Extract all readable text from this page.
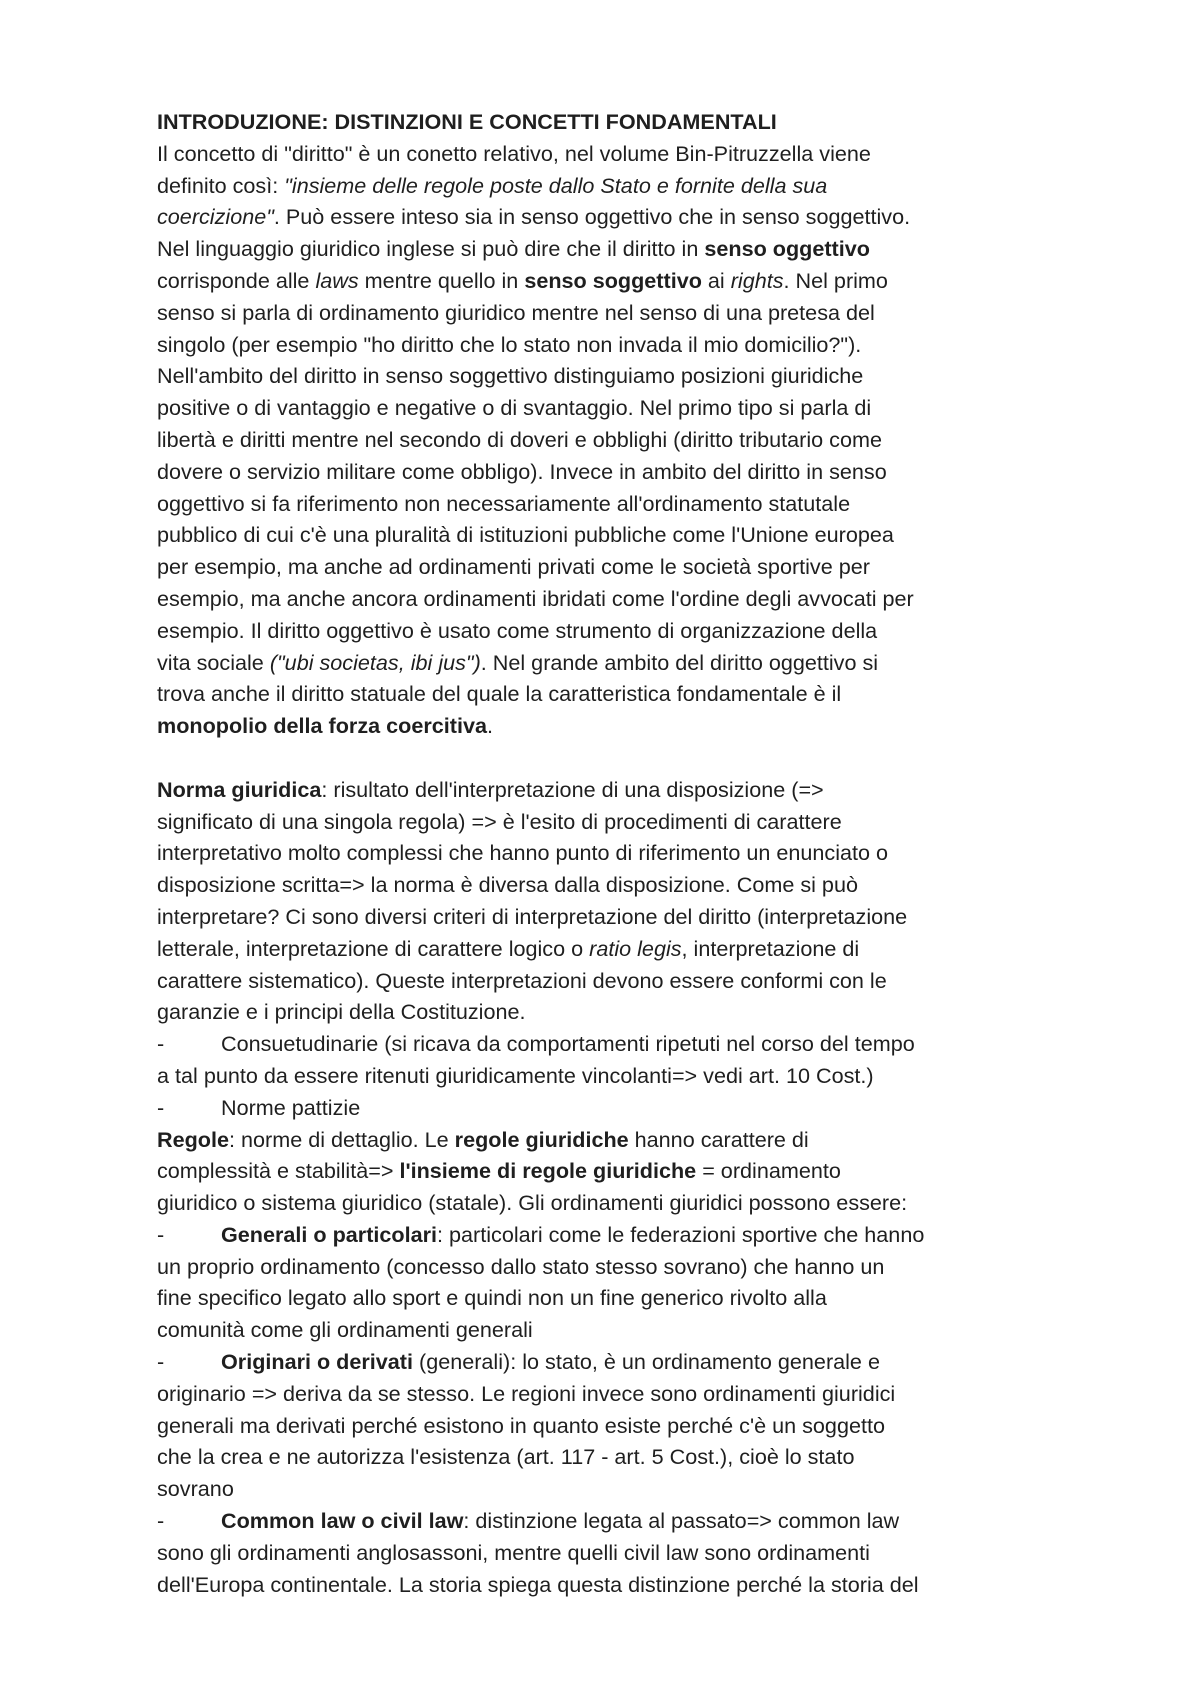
INTRODUZIONE: DISTINZIONI E CONCETTI FONDAMENTALI
Il concetto di "diritto" è un conetto relativo, nel volume Bin-Pitruzzella viene
definito così: "insieme delle regole poste dallo Stato e fornite della sua
coercizione". Può essere inteso sia in senso oggettivo che in senso soggettivo.
Nel linguaggio giuridico inglese si può dire che il diritto in senso oggettivo
corrisponde alle laws mentre quello in senso soggettivo ai rights. Nel primo
senso si parla di ordinamento giuridico mentre nel senso di una pretesa del
singolo (per esempio "ho diritto che lo stato non invada il mio domicilio?").
Nell'ambito del diritto in senso soggettivo distinguiamo posizioni giuridiche
positive o di vantaggio e negative o di svantaggio. Nel primo tipo si parla di
libertà e diritti mentre nel secondo di doveri e obblighi (diritto tributario come
dovere o servizio militare come obbligo). Invece in ambito del diritto in senso
oggettivo si fa riferimento non necessariamente all'ordinamento statutale
pubblico di cui c'è una pluralità di istituzioni pubbliche come l'Unione europea
per esempio, ma anche ad ordinamenti privati come le società sportive per
esempio, ma anche ancora ordinamenti ibridati come l'ordine degli avvocati per
esempio. Il diritto oggettivo è usato come strumento di organizzazione della
vita sociale ("ubi societas, ibi jus"). Nel grande ambito del diritto oggettivo si
trova anche il diritto statuale del quale la caratteristica fondamentale è il
monopolio della forza coercitiva.
Norma giuridica: risultato dell'interpretazione di una disposizione (=>
significato di una singola regola) => è l'esito di procedimenti di carattere
interpretativo molto complessi che hanno punto di riferimento un enunciato o
disposizione scritta=> la norma è diversa dalla disposizione. Come si può
interpretare? Ci sono diversi criteri di interpretazione del diritto (interpretazione
letterale, interpretazione di carattere logico o ratio legis, interpretazione di
carattere sistematico). Queste interpretazioni devono essere conformi con le
garanzie e i principi della Costituzione.
-	Consuetudinarie (si ricava da comportamenti ripetuti nel corso del tempo
a tal punto da essere ritenuti giuridicamente vincolanti=> vedi art. 10 Cost.)
-	Norme pattizie
Regole: norme di dettaglio. Le regole giuridiche hanno carattere di
complessità e stabilità=> l'insieme di regole giuridiche = ordinamento
giuridico o sistema giuridico (statale). Gli ordinamenti giuridici possono essere:
-	Generali o particolari: particolari come le federazioni sportive che hanno
un proprio ordinamento (concesso dallo stato stesso sovrano) che hanno un
fine specifico legato allo sport e quindi non un fine generico rivolto alla
comunità come gli ordinamenti generali
-	Originari o derivati (generali): lo stato, è un ordinamento generale e
originario => deriva da se stesso. Le regioni invece sono ordinamenti giuridici
generali ma derivati perché esistono in quanto esiste perché c'è un soggetto
che la crea e ne autorizza l'esistenza (art. 117 - art. 5 Cost.), cioè lo stato
sovrano
-	Common law o civil law: distinzione legata al passato=> common law
sono gli ordinamenti anglosassoni, mentre quelli civil law sono ordinamenti
dell'Europa continentale. La storia spiega questa distinzione perché la storia del
